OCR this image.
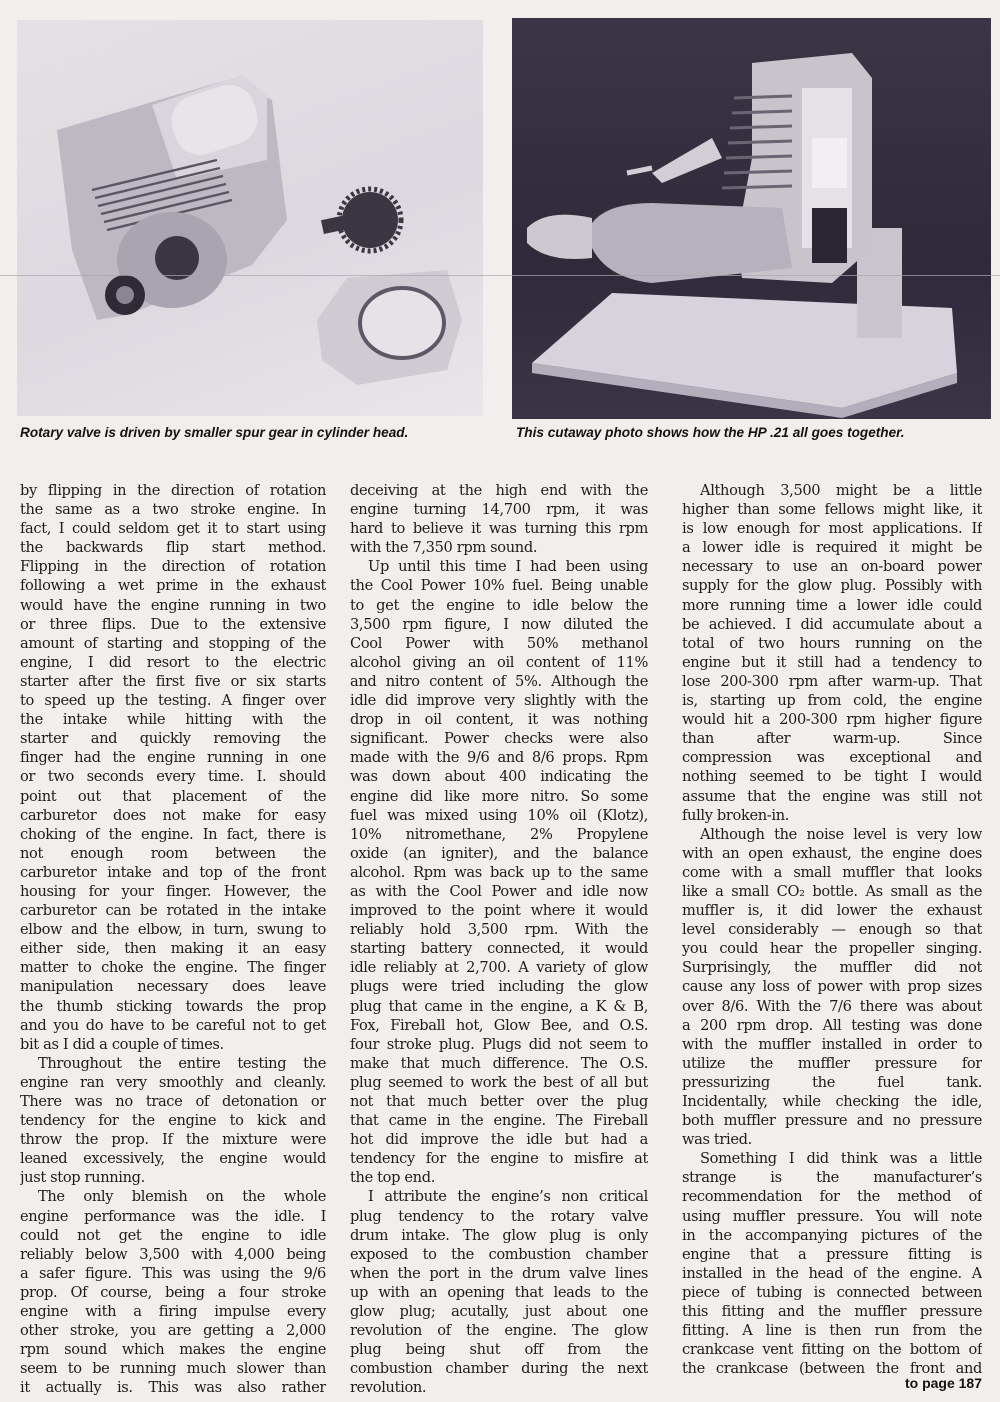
Rotary valve is driven by smaller spur gear in cylinder head.	This cutaway photo shows how the HP .21 all goes together.
by flipping in the direction of rotation
the same as a two stroke engine. In
fact, I could seldom get it to start using
the backwards flip start method.
Flipping in the direction of rotation
following a wet prime in the exhaust
would have the engine running in two
or three flips. Due to the extensive
amount of starting and stopping of the
engine, I did resort to the electric
starter after the first five or six starts
to speed up the testing. A finger over
the intake while hitting with the
starter and quickly removing the
finger had the engine running in one
or two seconds every time. I. should
point out that placement of the
carburetor does not make for easy
choking of the engine. In fact, there is
not enough room between the
carburetor intake and top of the front
housing for your finger. However, the
carburetor can be rotated in the intake
elbow and the elbow, in turn, swung to
either side, then making it an easy
matter to choke the engine. The finger
manipulation necessary does leave
the thumb sticking towards the prop
and you do have to be careful not to get
bit as I did a couple of times.
Throughout the entire testing the
engine ran very smoothly and cleanly.
There was no trace of detonation or
tendency for the engine to kick and
throw the prop. If the mixture were
leaned excessively, the engine would
just stop running.
The only blemish on the whole
engine performance was the idle. I
could not get the engine to idle
reliably below 3,500 with 4,000 being
a safer figure. This was using the 9/6
prop. Of course, being a four stroke
engine with a firing impulse every
other stroke, you are getting a 2,000
rpm sound which makes the engine
seem to be running much slower than
it actually is. This was also rather
deceiving at the high end with the
engine turning 14,700 rpm, it was
hard to believe it was turning this rpm
with the 7,350 rpm sound.
Up until this time I had been using
the Cool Power 10% fuel. Being unable
to get the engine to idle below the
3,500 rpm figure, I now diluted the
Cool Power with 50% methanol
alcohol giving an oil content of 11%
and nitro content of 5%. Although the
idle did improve very slightly with the
drop in oil content, it was nothing
significant. Power checks were also
made with the 9/6 and 8/6 props. Rpm
was down about 400 indicating the
engine did like more nitro. So some
fuel was mixed using 10% oil (Klotz),
10% nitromethane, 2% Propylene
oxide (an igniter), and the balance
alcohol. Rpm was back up to the same
as with the Cool Power and idle now
improved to the point where it would
reliably hold 3,500 rpm. With the
starting battery connected, it would
idle reliably at 2,700. A variety of glow
plugs were tried including the glow
plug that came in the engine, a K & B,
Fox, Fireball hot, Glow Bee, and O.S.
four stroke plug. Plugs did not seem to
make that much difference. The O.S.
plug seemed to work the best of all but
not that much better over the plug
that came in the engine. The Fireball
hot did improve the idle but had a
tendency for the engine to misfire at
the top end.
I attribute the engine’s non critical
plug tendency to the rotary valve
drum intake. The glow plug is only
exposed to the combustion chamber
when the port in the drum valve lines
up with an opening that leads to the
glow plug; acutally, just about one
revolution of the engine. The glow
plug being shut off from the
combustion chamber during the next
revolution.
Although 3,500 might be a little
higher than some fellows might like, it
is low enough for most applications. If
a lower idle is required it might be
necessary to use an on-board power
supply for the glow plug. Possibly with
more running time a lower idle could
be achieved. I did accumulate about a
total of two hours running on the
engine but it still had a tendency to
lose 200-300 rpm after warm-up. That
is, starting up from cold, the engine
would hit a 200-300 rpm higher figure
than after warm-up. Since
compression was exceptional and
nothing seemed to be tight I would
assume that the engine was still not
fully broken-in.
Although the noise level is very low
with an open exhaust, the engine does
come with a small muffler that looks
like a small CO₂ bottle. As small as the
muffler is, it did lower the exhaust
level considerably — enough so that
you could hear the propeller singing.
Surprisingly, the muffler did not
cause any loss of power with prop sizes
over 8/6. With the 7/6 there was about
a 200 rpm drop. All testing was done
with the muffler installed in order to
utilize the muffler pressure for
pressurizing the fuel tank.
Incidentally, while checking the idle,
both muffler pressure and no pressure
was tried.
Something I did think was a little
strange is the manufacturer’s
recommendation for the method of
using muffler pressure. You will note
in the accompanying pictures of the
engine that a pressure fitting is
installed in the head of the engine. A
piece of tubing is connected between
this fitting and the muffler pressure
fitting. A line is then run from the
crankcase vent fitting on the bottom of
the crankcase (between the front and
to page 187
